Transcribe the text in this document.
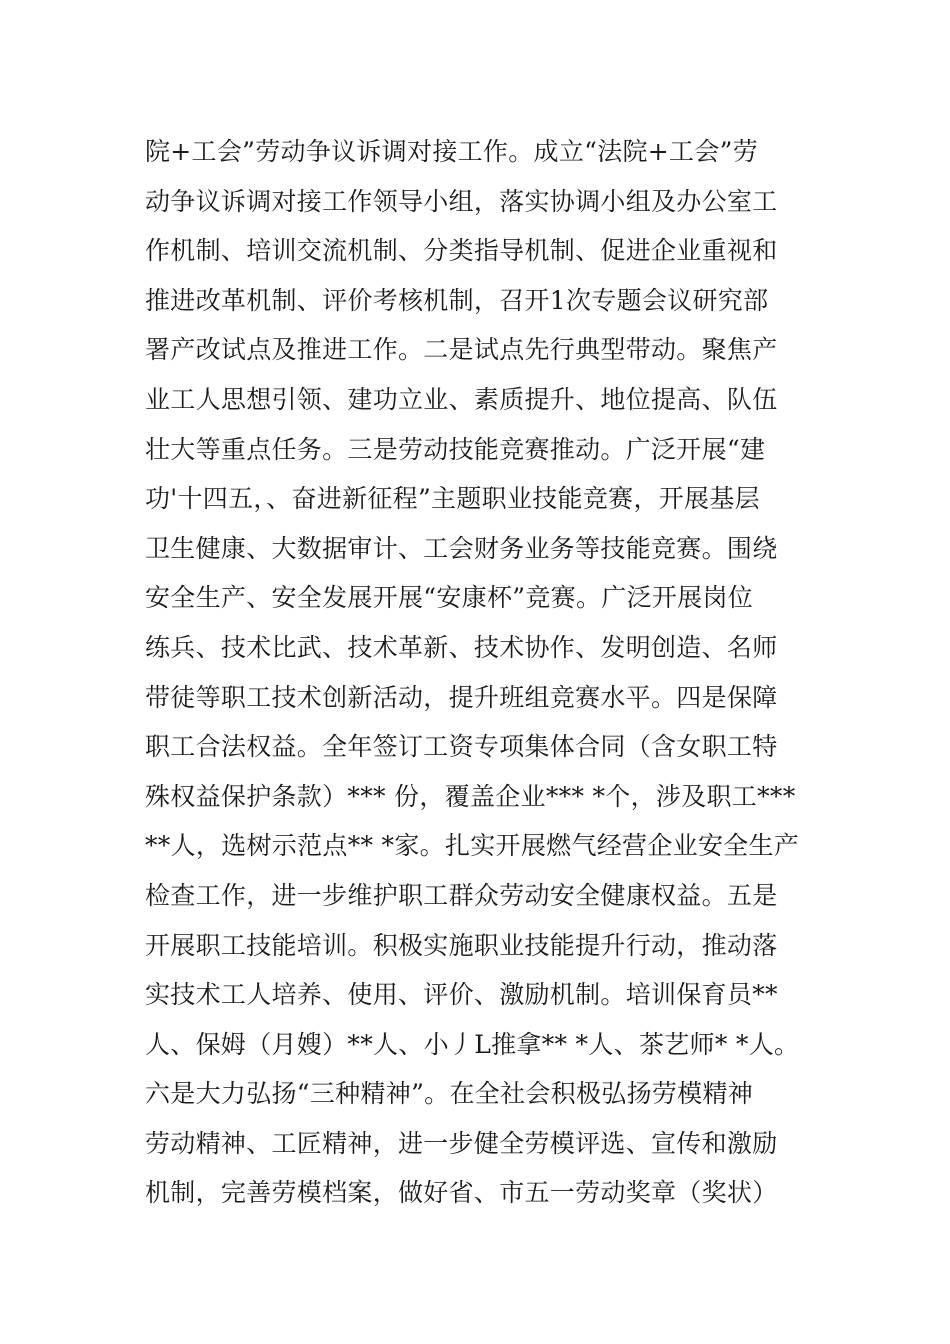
院+工会”劳动争议诉调对接工作。成立“法院+工会”劳
动争议诉调对接工作领导小组，落实协调小组及办公室工
作机制、培训交流机制、分类指导机制、促进企业重视和
推进改革机制、评价考核机制，召开1次专题会议研究部
署产改试点及推进工作。二是试点先行典型带动。聚焦产
业工人思想引领、建功立业、素质提升、地位提高、队伍
壮大等重点任务。三是劳动技能竞赛推动。广泛开展“建
功'十四五，、奋进新征程”主题职业技能竞赛，开展基层
卫生健康、大数据审计、工会财务业务等技能竞赛。围绕
安全生产、安全发展开展“安康杯”竞赛。广泛开展岗位
练兵、技术比武、技术革新、技术协作、发明创造、名师
带徒等职工技术创新活动，提升班组竞赛水平。四是保障
职工合法权益。全年签订工资专项集体合同（含女职工特
殊权益保护条款）*** 份，覆盖企业*** *个，涉及职工***
**人，选树示范点** *家。扎实开展燃气经营企业安全生产
检查工作，进一步维护职工群众劳动安全健康权益。五是
开展职工技能培训。积极实施职业技能提升行动，推动落
实技术工人培养、使用、评价、激励机制。培训保育员**
人、保姆（月嫂）**人、小丿L推拿** *人、茶艺师* *人。
六是大力弘扬“三种精神”。在全社会积极弘扬劳模精神
劳动精神、工匠精神，进一步健全劳模评选、宣传和激励
机制，完善劳模档案，做好省、市五一劳动奖章（奖状）
